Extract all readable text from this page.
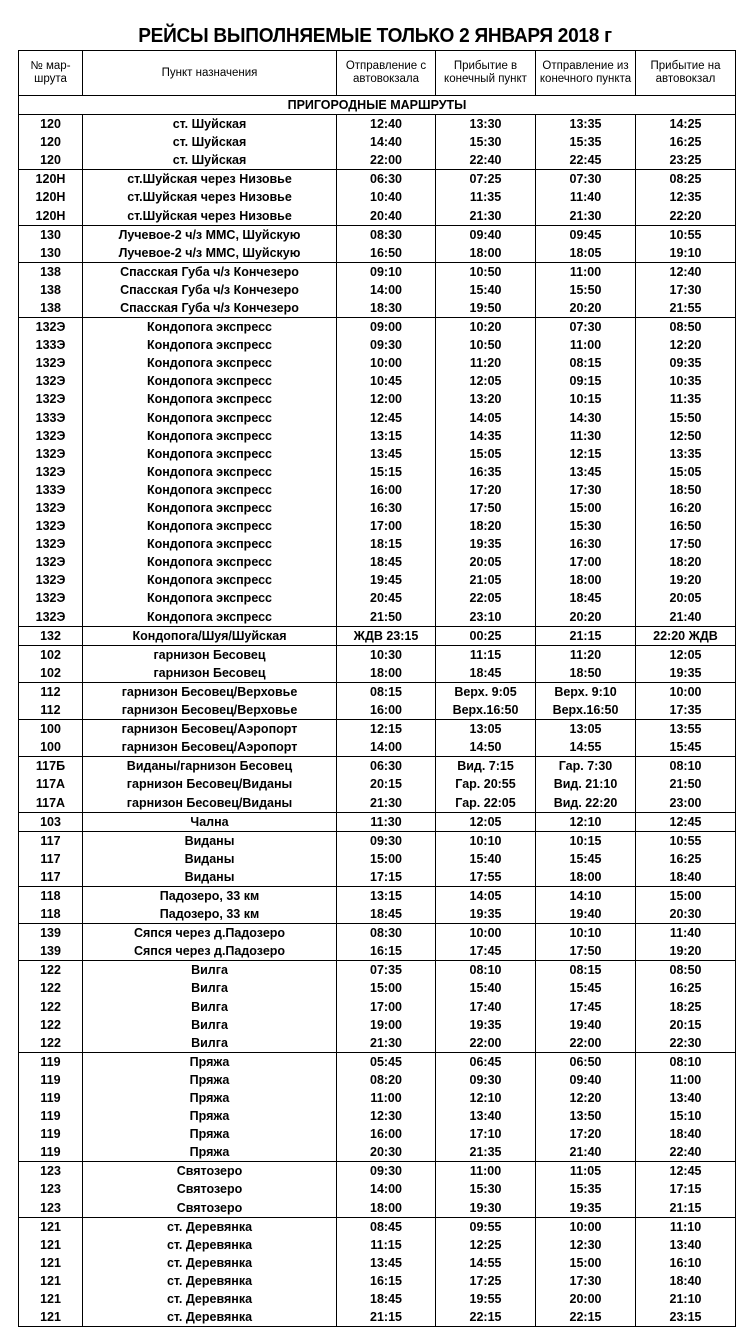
РЕЙСЫ ВЫПОЛНЯЕМЫЕ ТОЛЬКО 2 ЯНВАРЯ 2018 г
№ мар-шрута	Пункт назначения	Отправление с автовокзала	Прибытие в конечный пункт	Отправление из конечного пункта	Прибытие на автовокзал
ПРИГОРОДНЫЕ МАРШРУТЫ					
120	ст. Шуйская	12:40	13:30	13:35	14:25
120	ст. Шуйская	14:40	15:30	15:35	16:25
120	ст. Шуйская	22:00	22:40	22:45	23:25
120Н	ст.Шуйская через Низовье	06:30	07:25	07:30	08:25
120Н	ст.Шуйская через Низовье	10:40	11:35	11:40	12:35
120Н	ст.Шуйская через Низовье	20:40	21:30	21:30	22:20
130	Лучевое-2 ч/з ММС, Шуйскую	08:30	09:40	09:45	10:55
130	Лучевое-2 ч/з ММС, Шуйскую	16:50	18:00	18:05	19:10
138	Спасская Губа ч/з Кончезеро	09:10	10:50	11:00	12:40
138	Спасская Губа ч/з Кончезеро	14:00	15:40	15:50	17:30
138	Спасская Губа ч/з Кончезеро	18:30	19:50	20:20	21:55
132Э	Кондопога экспресс	09:00	10:20	07:30	08:50
133Э	Кондопога экспресс	09:30	10:50	11:00	12:20
132Э	Кондопога экспресс	10:00	11:20	08:15	09:35
132Э	Кондопога экспресс	10:45	12:05	09:15	10:35
132Э	Кондопога экспресс	12:00	13:20	10:15	11:35
133Э	Кондопога экспресс	12:45	14:05	14:30	15:50
132Э	Кондопога экспресс	13:15	14:35	11:30	12:50
132Э	Кондопога экспресс	13:45	15:05	12:15	13:35
132Э	Кондопога экспресс	15:15	16:35	13:45	15:05
133Э	Кондопога экспресс	16:00	17:20	17:30	18:50
132Э	Кондопога экспресс	16:30	17:50	15:00	16:20
132Э	Кондопога экспресс	17:00	18:20	15:30	16:50
132Э	Кондопога экспресс	18:15	19:35	16:30	17:50
132Э	Кондопога экспресс	18:45	20:05	17:00	18:20
132Э	Кондопога экспресс	19:45	21:05	18:00	19:20
132Э	Кондопога экспресс	20:45	22:05	18:45	20:05
132Э	Кондопога экспресс	21:50	23:10	20:20	21:40
132	Кондопога/Шуя/Шуйская	ЖДВ 23:15	00:25	21:15	22:20 ЖДВ
102	гарнизон Бесовец	10:30	11:15	11:20	12:05
102	гарнизон Бесовец	18:00	18:45	18:50	19:35
112	гарнизон Бесовец/Верховье	08:15	Верх. 9:05	Верх. 9:10	10:00
112	гарнизон Бесовец/Верховье	16:00	Верх.16:50	Верх.16:50	17:35
100	гарнизон Бесовец/Аэропорт	12:15	13:05	13:05	13:55
100	гарнизон Бесовец/Аэропорт	14:00	14:50	14:55	15:45
117Б	Виданы/гарнизон Бесовец	06:30	Вид. 7:15	Гар. 7:30	08:10
117А	гарнизон Бесовец/Виданы	20:15	Гар. 20:55	Вид. 21:10	21:50
117А	гарнизон Бесовец/Виданы	21:30	Гар. 22:05	Вид. 22:20	23:00
103	Чална	11:30	12:05	12:10	12:45
117	Виданы	09:30	10:10	10:15	10:55
117	Виданы	15:00	15:40	15:45	16:25
117	Виданы	17:15	17:55	18:00	18:40
118	Падозеро, 33 км	13:15	14:05	14:10	15:00
118	Падозеро, 33 км	18:45	19:35	19:40	20:30
139	Сяпся через д.Падозеро	08:30	10:00	10:10	11:40
139	Сяпся через д.Падозеро	16:15	17:45	17:50	19:20
122	Вилга	07:35	08:10	08:15	08:50
122	Вилга	15:00	15:40	15:45	16:25
122	Вилга	17:00	17:40	17:45	18:25
122	Вилга	19:00	19:35	19:40	20:15
122	Вилга	21:30	22:00	22:00	22:30
119	Пряжа	05:45	06:45	06:50	08:10
119	Пряжа	08:20	09:30	09:40	11:00
119	Пряжа	11:00	12:10	12:20	13:40
119	Пряжа	12:30	13:40	13:50	15:10
119	Пряжа	16:00	17:10	17:20	18:40
119	Пряжа	20:30	21:35	21:40	22:40
123	Святозеро	09:30	11:00	11:05	12:45
123	Святозеро	14:00	15:30	15:35	17:15
123	Святозеро	18:00	19:30	19:35	21:15
121	ст. Деревянка	08:45	09:55	10:00	11:10
121	ст. Деревянка	11:15	12:25	12:30	13:40
121	ст. Деревянка	13:45	14:55	15:00	16:10
121	ст. Деревянка	16:15	17:25	17:30	18:40
121	ст. Деревянка	18:45	19:55	20:00	21:10
121	ст. Деревянка	21:15	22:15	22:15	23:15
